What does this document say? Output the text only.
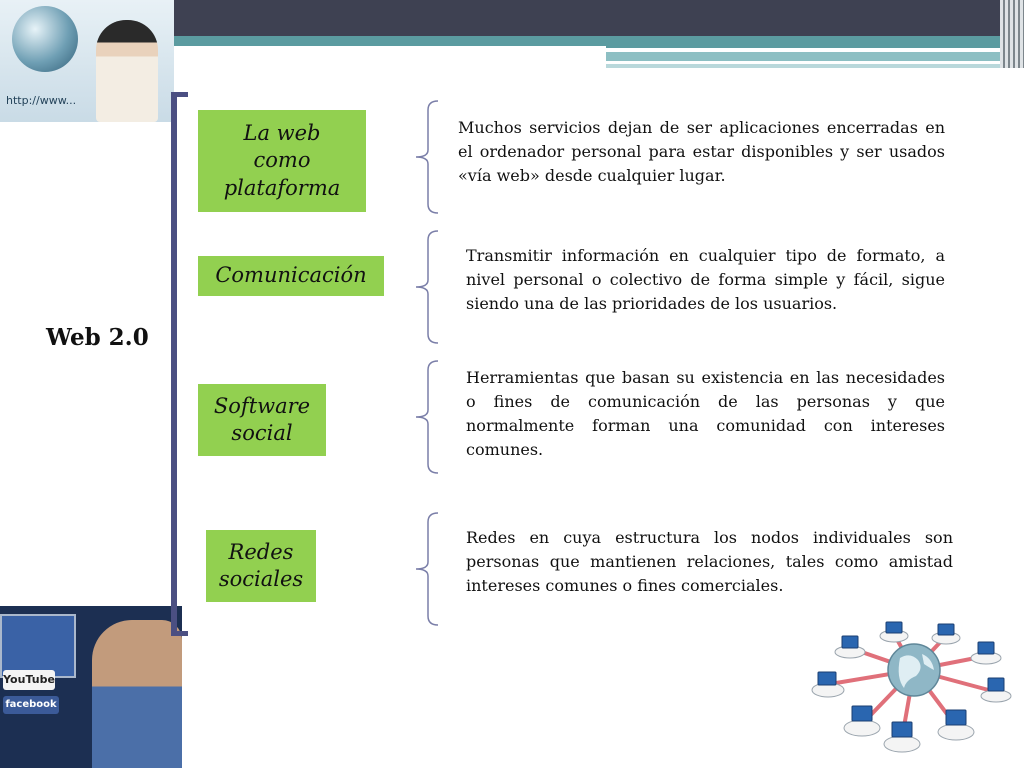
http://www...
YouTube
facebook
Web 2.0
La web como plataforma
Muchos servicios dejan de ser aplicaciones encerradas en el ordenador personal para estar disponibles y ser usados «vía web» desde cualquier lugar.
Comunicación
Transmitir información en cualquier tipo de formato, a nivel personal o colectivo de forma simple y fácil, sigue siendo una de las prioridades de los usuarios.
Software social
Herramientas que basan su existencia en las necesidades o fines de comunicación de las personas y que normalmente forman una comunidad con intereses comunes.
Redes sociales
Redes en cuya estructura los nodos individuales son personas que mantienen relaciones, tales como amistad intereses comunes o fines comerciales.
